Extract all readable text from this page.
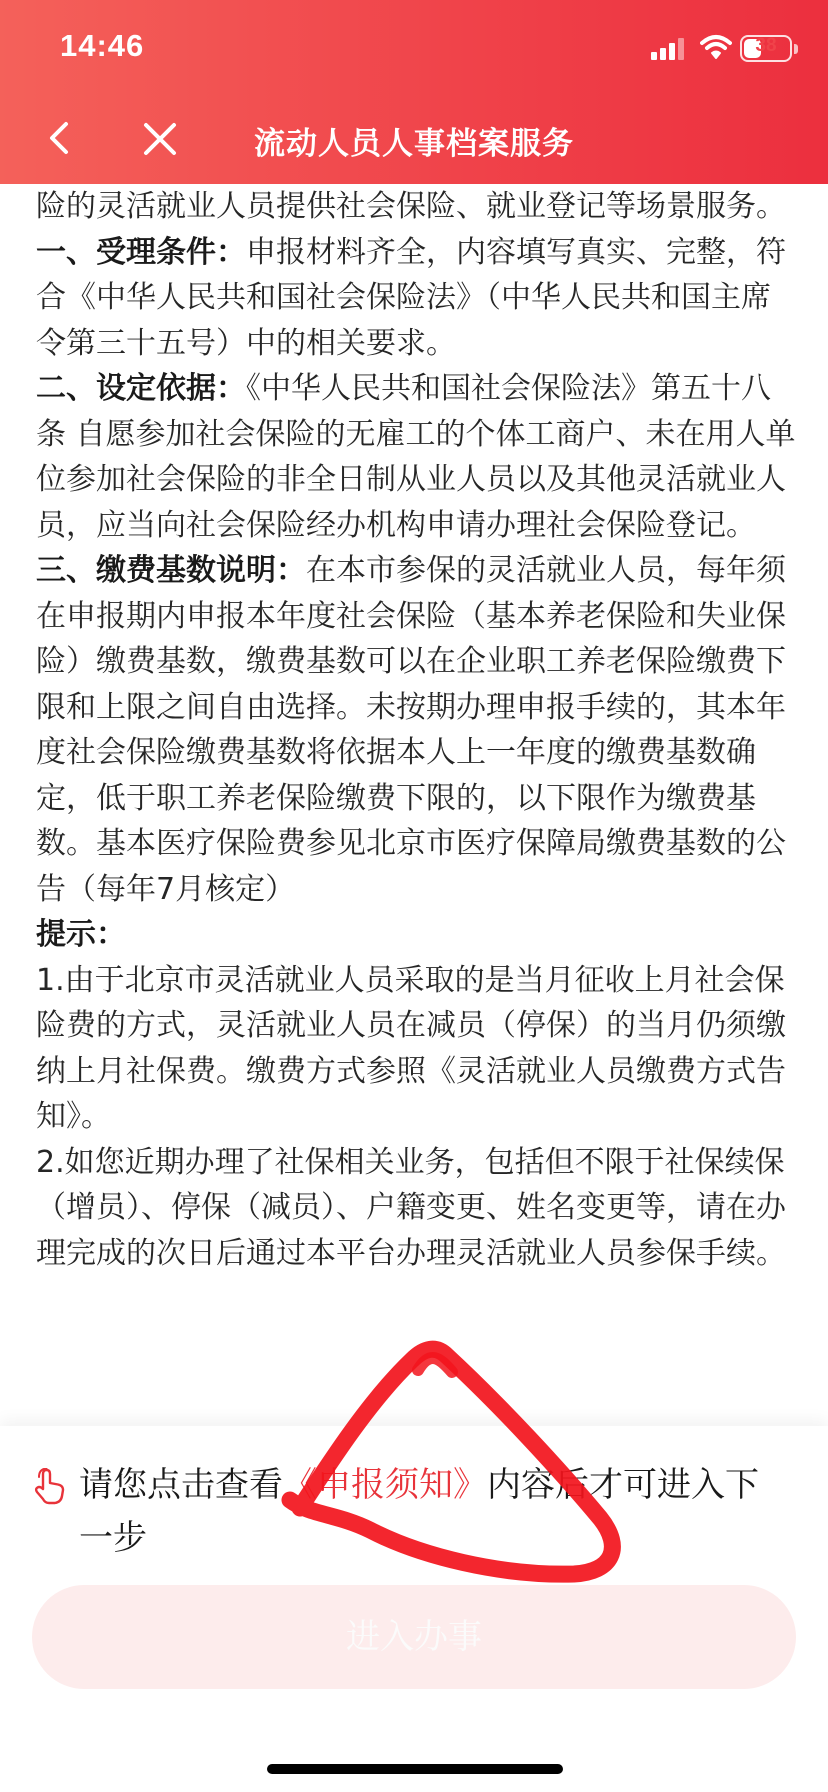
14:46	38
流动人员人事档案服务

险的灵活就业人员提供社会保险、就业登记等场景服务。

一、受理条件：申报材料齐全，内容填写真实、完整，符合《中华人民共和国社会保险法》（中华人民共和国主席令第三十五号）中的相关要求。

二、设定依据：《中华人民共和国社会保险法》第五十八条 自愿参加社会保险的无雇工的个体工商户、未在用人单位参加社会保险的非全日制从业人员以及其他灵活就业人员，应当向社会保险经办机构申请办理社会保险登记。

三、缴费基数说明：在本市参保的灵活就业人员，每年须在申报期内申报本年度社会保险（基本养老保险和失业保险）缴费基数，缴费基数可以在企业职工养老保险缴费下限和上限之间自由选择。未按期办理申报手续的，其本年度社会保险缴费基数将依据本人上一年度的缴费基数确定，低于职工养老保险缴费下限的，以下限作为缴费基数。基本医疗保险费参见北京市医疗保障局缴费基数的公告（每年7月核定）

提示：

1.由于北京市灵活就业人员采取的是当月征收上月社会保险费的方式，灵活就业人员在减员（停保）的当月仍须缴纳上月社保费。缴费方式参照《灵活就业人员缴费方式告知》。

2.如您近期办理了社保相关业务，包括但不限于社保续保（增员）、停保（减员）、户籍变更、姓名变更等，请在办理完成的次日后通过本平台办理灵活就业人员参保手续。

请您点击查看《申报须知》内容后才可进入下
一步
进入办事
